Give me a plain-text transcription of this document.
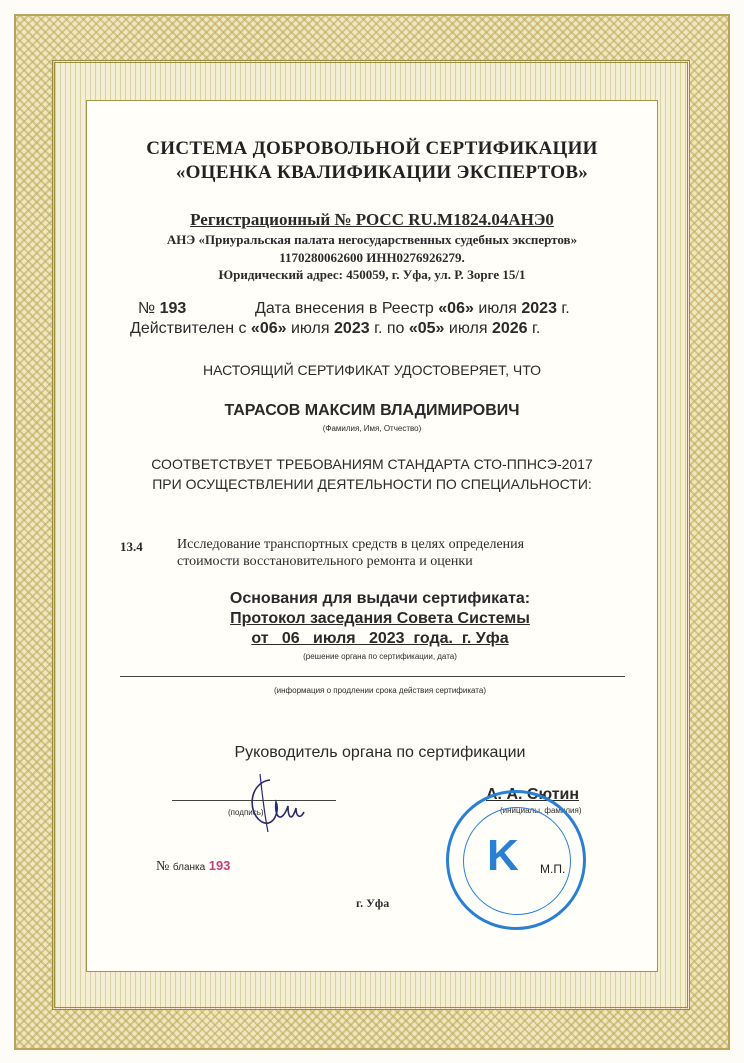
СИСТЕМА ДОБРОВОЛЬНОЙ СЕРТИФИКАЦИИ
«ОЦЕНКА КВАЛИФИКАЦИИ ЭКСПЕРТОВ»
Регистрационный № РОСС RU.M1824.04АНЭ0
АНЭ «Приуральская палата негосударственных судебных экспертов»
1170280062600 ИНН0276926279.
Юридический адрес: 450059, г. Уфа, ул. Р. Зорге 15/1
№ 193	Дата внесения в Реестр «06» июля 2023 г.
Действителен с «06» июля 2023 г. по «05» июля 2026 г.
НАСТОЯЩИЙ СЕРТИФИКАТ УДОСТОВЕРЯЕТ, ЧТО
ТАРАСОВ МАКСИМ ВЛАДИМИРОВИЧ
(Фамилия, Имя, Отчество)
СООТВЕТСТВУЕТ ТРЕБОВАНИЯМ СТАНДАРТА СТО-ППНСЭ-2017
ПРИ ОСУЩЕСТВЛЕНИИ ДЕЯТЕЛЬНОСТИ ПО СПЕЦИАЛЬНОСТИ:
13.4 Исследование транспортных средств в целях определения
стоимости восстановительного ремонта и оценки
Основания для выдачи сертификата:
Протокол заседания Совета Системы
от   06   июля   2023  года.  г. Уфа
(решение органа по сертификации, дата)
(информация о продлении срока действия сертификата)
Руководитель органа по сертификации
(подпись)
А. А. Сютин
(инициалы, фамилия)
K М.П.
№ бланка 193
г. Уфа
